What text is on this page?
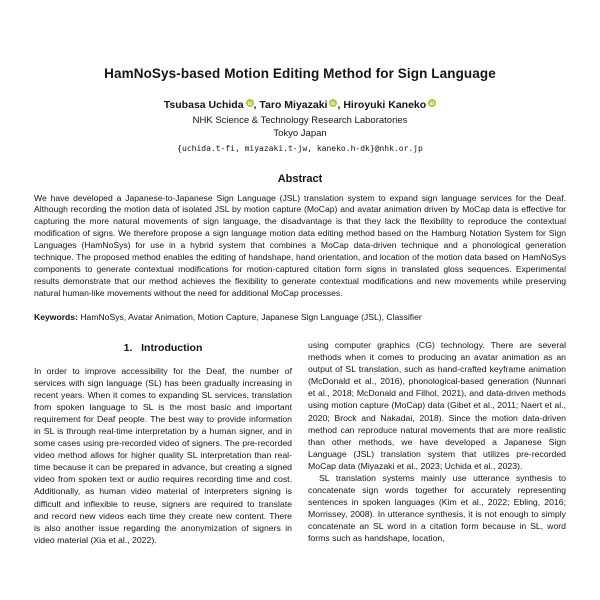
HamNoSys-based Motion Editing Method for Sign Language
Tsubasa Uchida iD , Taro Miyazaki iD , Hiroyuki Kaneko iD
NHK Science & Technology Research Laboratories
Tokyo Japan
{uchida.t-fi, miyazaki.t-jw, kaneko.h-dk}@nhk.or.jp
Abstract

We have developed a Japanese-to-Japanese Sign Language (JSL) translation system to expand sign language services for the Deaf. Although recording the motion data of isolated JSL by motion capture (MoCap) and avatar animation driven by MoCap data is effective for capturing the more natural movements of sign language, the disadvantage is that they lack the flexibility to reproduce the contextual modification of signs. We therefore propose a sign language motion data editing method based on the Hamburg Notation System for Sign Languages (HamNoSys) for use in a hybrid system that combines a MoCap data-driven technique and a phonological generation technique. The proposed method enables the editing of handshape, hand orientation, and location of the motion data based on HamNoSys components to generate contextual modifications for motion-captured citation form signs in translated gloss sequences. Experimental results demonstrate that our method achieves the flexibility to generate contextual modifications and new movements while preserving natural human-like movements without the need for additional MoCap processes.

Keywords: HamNoSys, Avatar Animation, Motion Capture, Japanese Sign Language (JSL), Classifier

1.   Introduction

In order to improve accessibility for the Deaf, the number of services with sign language (SL) has been gradually increasing in recent years. When it comes to expanding SL services, translation from spoken language to SL is the most basic and important requirement for Deaf people. The best way to provide information in SL is through real-time interpretation by a human signer, and in some cases using pre-recorded video of signers. The pre-recorded video method allows for higher quality SL interpretation than real-time because it can be prepared in advance, but creating a signed video from spoken text or audio requires recording time and cost. Additionally, as human video material of interpreters signing is difficult and inflexible to reuse, signers are required to translate and record new videos each time they create new content. There is also another issue regarding the anonymization of signers in video material (Xia et al., 2022).

using computer graphics (CG) technology. There are several methods when it comes to producing an avatar animation as an output of SL translation, such as hand-crafted keyframe animation (McDonald et al., 2016), phonological-based generation (Nunnari et al., 2018; McDonald and Filhol, 2021), and data-driven methods using motion capture (MoCap) data (Gibet et al., 2011; Naert et al., 2020; Brock and Nakadai, 2018). Since the motion data-driven method can reproduce natural movements that are more realistic than other methods, we have developed a Japanese Sign Language (JSL) translation system that utilizes pre-recorded MoCap data (Miyazaki et al., 2023; Uchida et al., 2023).

SL translation systems mainly use utterance synthesis to concatenate sign words together for accurately representing sentences in spoken languages (Kim et al., 2022; Ebling, 2016; Morrissey, 2008). In utterance synthesis, it is not enough to simply concatenate an SL word in a citation form because in SL, word forms such as handshape, location,
